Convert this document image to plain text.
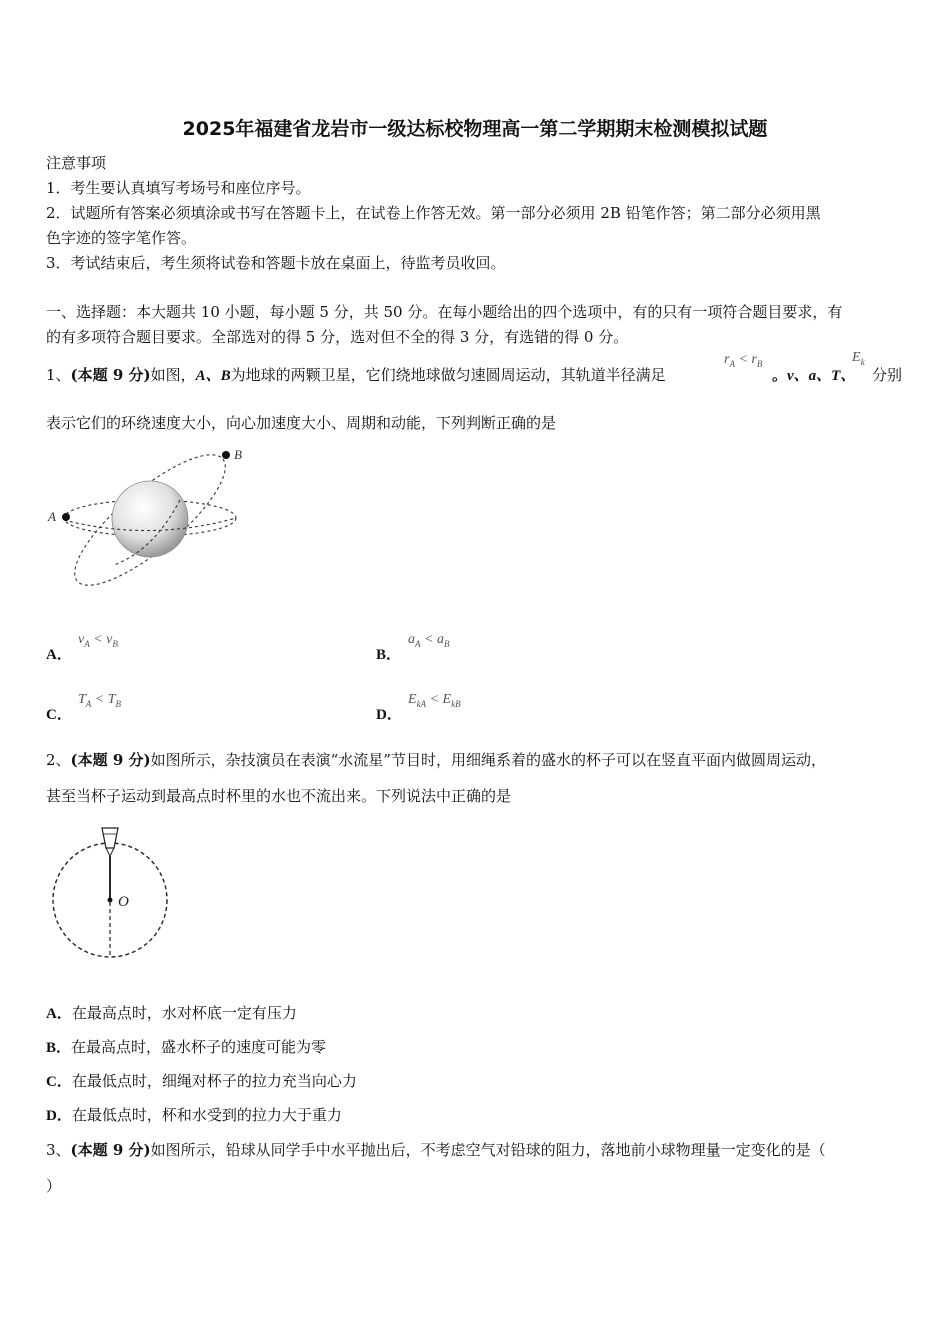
2025年福建省龙岩市一级达标校物理高一第二学期期末检测模拟试题
注意事项
1．考生要认真填写考场号和座位序号。
2．试题所有答案必须填涂或书写在答题卡上，在试卷上作答无效。第一部分必须用 2B 铅笔作答；第二部分必须用黑
色字迹的签字笔作答。
3．考试结束后，考生须将试卷和答题卡放在桌面上，待监考员收回。
一、选择题：本大题共 10 小题，每小题 5 分，共 50 分。在每小题给出的四个选项中，有的只有一项符合题目要求，有
的有多项符合题目要求。全部选对的得 5 分，选对但不全的得 3 分，有选错的得 0 分。
1、(本题 9 分)如图，A、B为地球的两颗卫星，它们绕地球做匀速圆周运动，其轨道半径满足
$r_A < r_B$
。v、a、T、
$E_k$
分别
表示它们的环绕速度大小，向心加速度大小、周期和动能，下列判断正确的是
A
B
A．
$v_A < v_B$
B．
$a_A < a_B$
C．
$T_A < T_B$
D．
$E_{kA} < E_{kB}$
2、(本题 9 分)如图所示，杂技演员在表演“水流星”节目时，用细绳系着的盛水的杯子可以在竖直平面内做圆周运动，
甚至当杯子运动到最高点时杯里的水也不流出来。下列说法中正确的是
O
A．在最高点时，水对杯底一定有压力
B．在最高点时，盛水杯子的速度可能为零
C．在最低点时，细绳对杯子的拉力充当向心力
D．在最低点时，杯和水受到的拉力大于重力
3、(本题 9 分)如图所示，铅球从同学手中水平抛出后，不考虑空气对铅球的阻力，落地前小球物理量一定变化的是（
）
